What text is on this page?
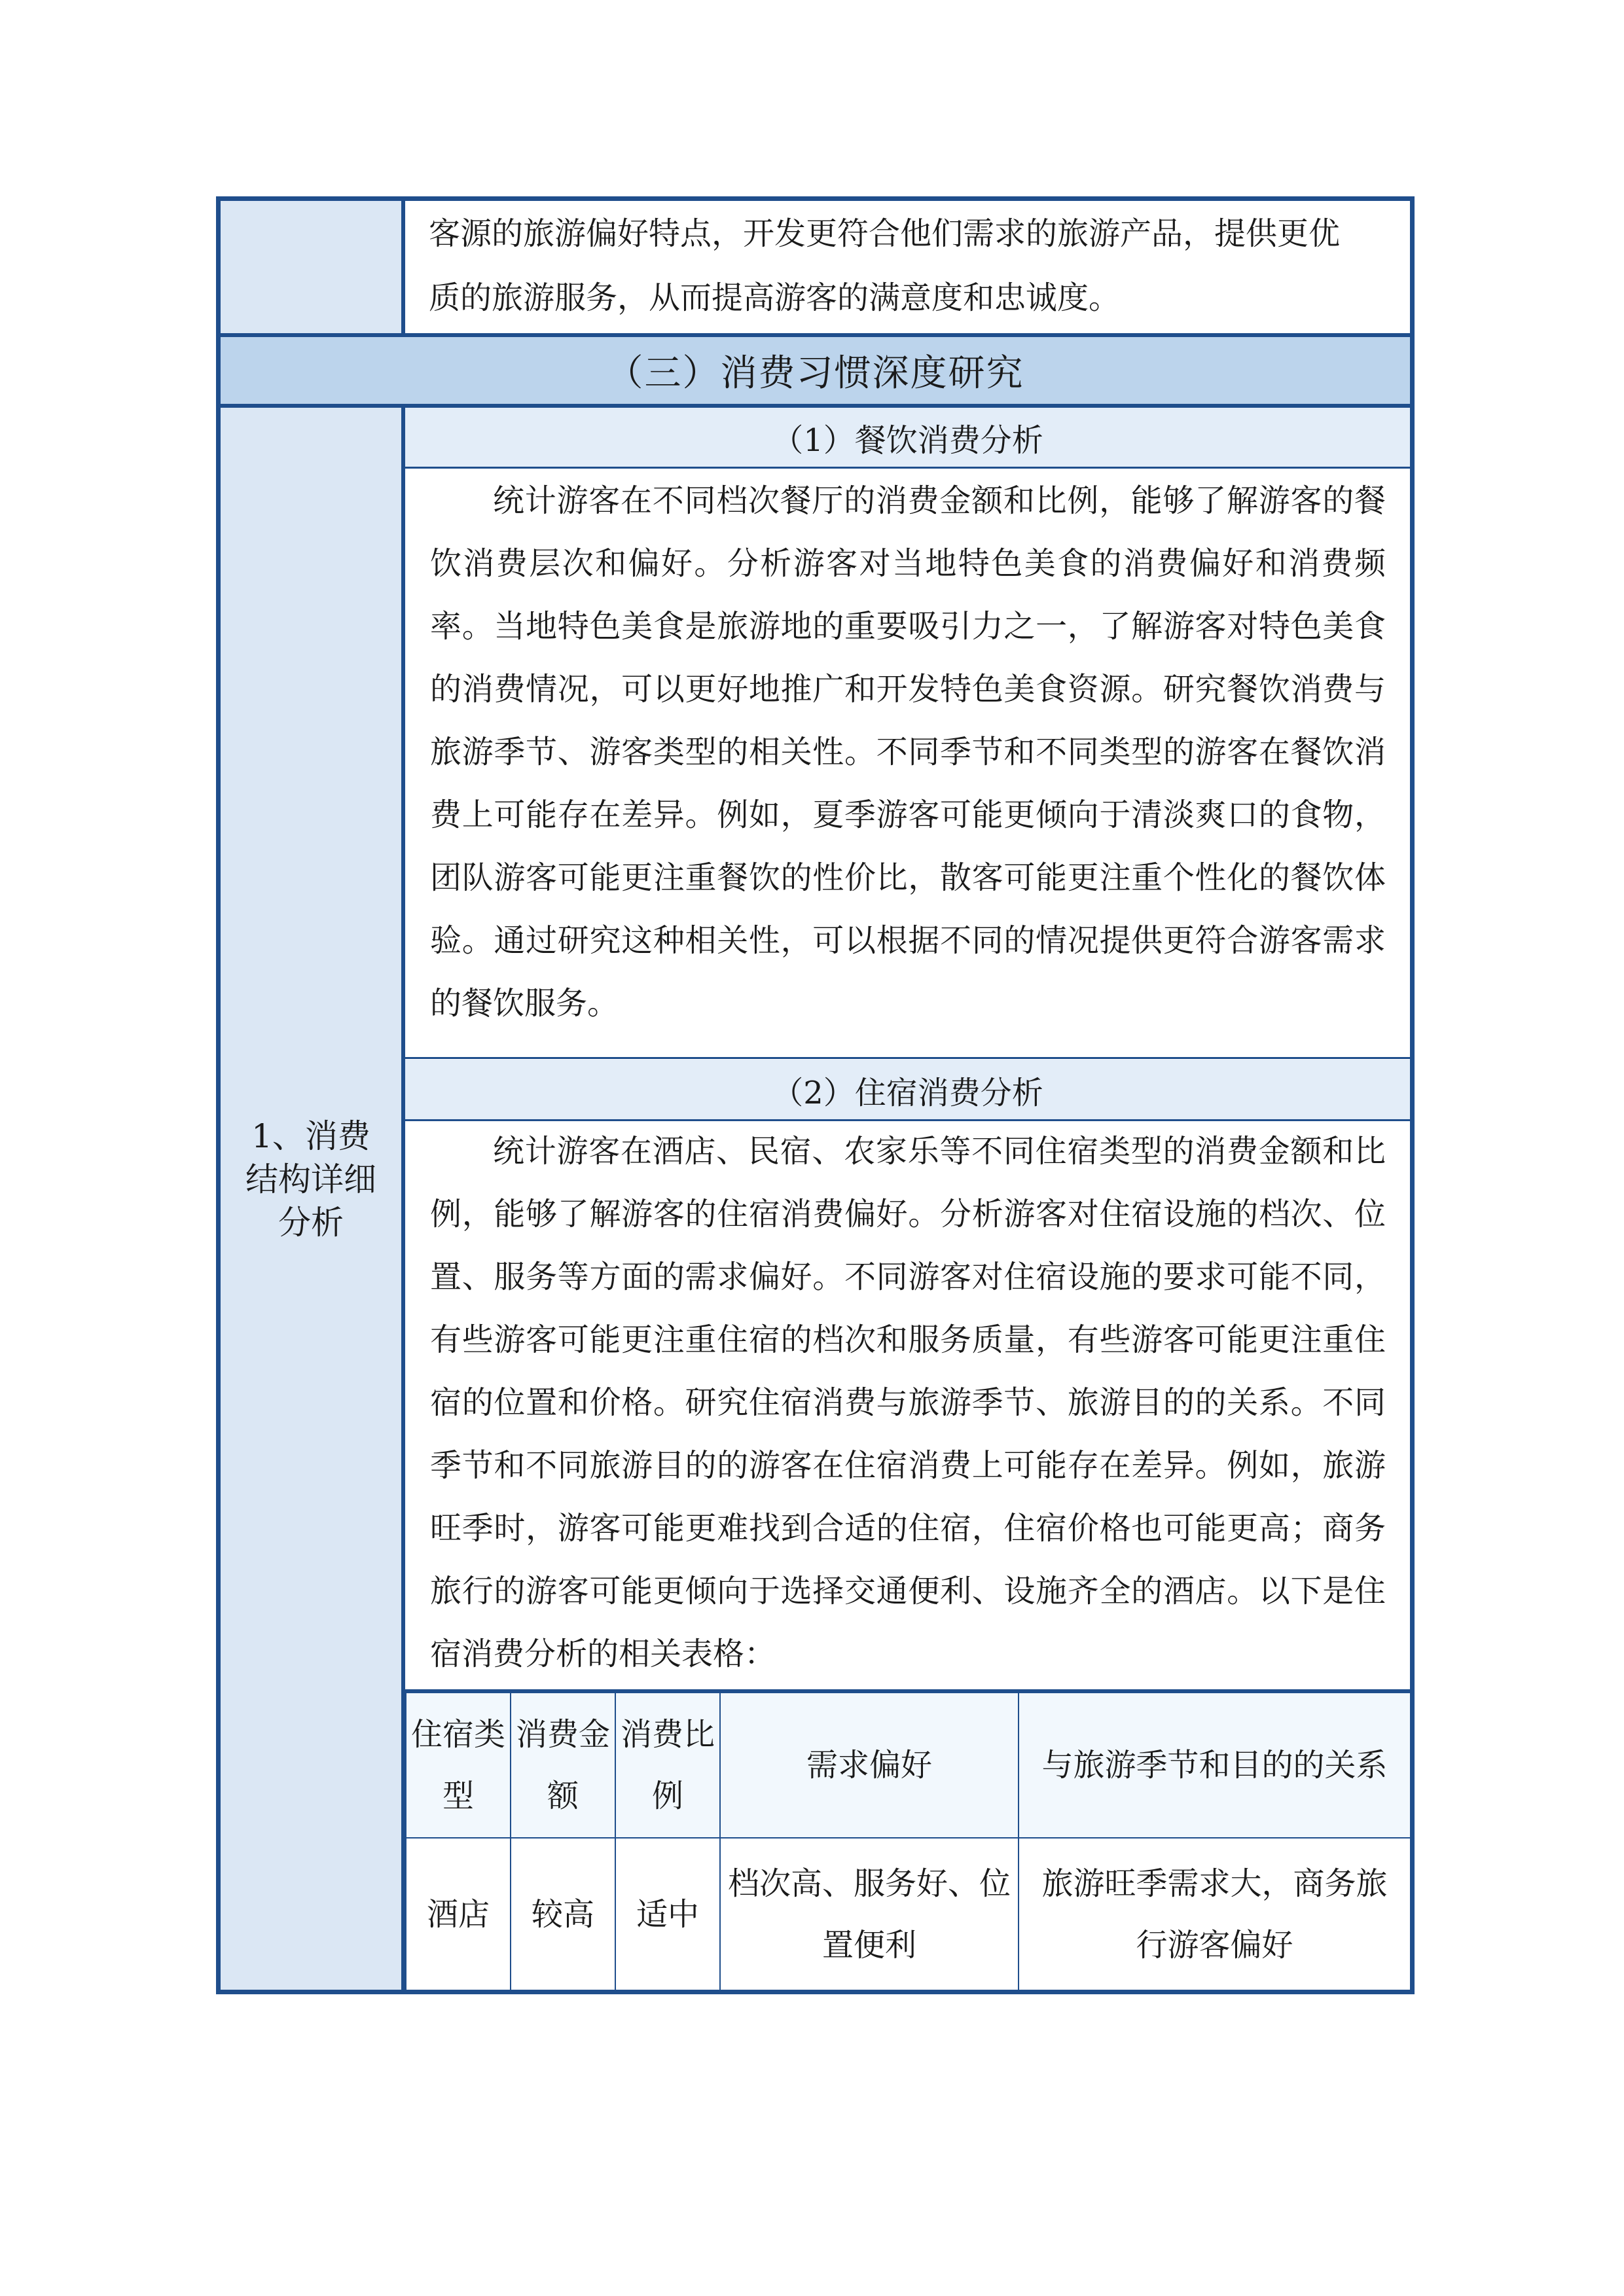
1、消费结构详细分析

客源的旅游偏好特点，开发更符合他们需求的旅游产品，提供更优

质的旅游服务，从而提高游客的满意度和忠诚度。

（三）消费习惯深度研究
（1）餐饮消费分析

统计游客在不同档次餐厅的消费金额和比例，能够了解游客的餐饮消费层次和偏好。分析游客对当地特色美食的消费偏好和消费频率。当地特色美食是旅游地的重要吸引力之一，了解游客对特色美食的消费情况，可以更好地推广和开发特色美食资源。研究餐饮消费与旅游季节、游客类型的相关性。不同季节和不同类型的游客在餐饮消费上可能存在差异。例如，夏季游客可能更倾向于清淡爽口的食物，团队游客可能更注重餐饮的性价比，散客可能更注重个性化的餐饮体验。通过研究这种相关性，可以根据不同的情况提供更符合游客需求的餐饮服务。

（2）住宿消费分析

统计游客在酒店、民宿、农家乐等不同住宿类型的消费金额和比例，能够了解游客的住宿消费偏好。分析游客对住宿设施的档次、位置、服务等方面的需求偏好。不同游客对住宿设施的要求可能不同，有些游客可能更注重住宿的档次和服务质量，有些游客可能更注重住宿的位置和价格。研究住宿消费与旅游季节、旅游目的的关系。不同季节和不同旅游目的的游客在住宿消费上可能存在差异。例如，旅游旺季时，游客可能更难找到合适的住宿，住宿价格也可能更高；商务旅行的游客可能更倾向于选择交通便利、设施齐全的酒店。以下是住宿消费分析的相关表格：

住宿类型	消费金额	消费比例	需求偏好	与旅游季节和目的的关系
酒店	较高	适中	档次高、服务好、位置便利	旅游旺季需求大，商务旅行游客偏好
